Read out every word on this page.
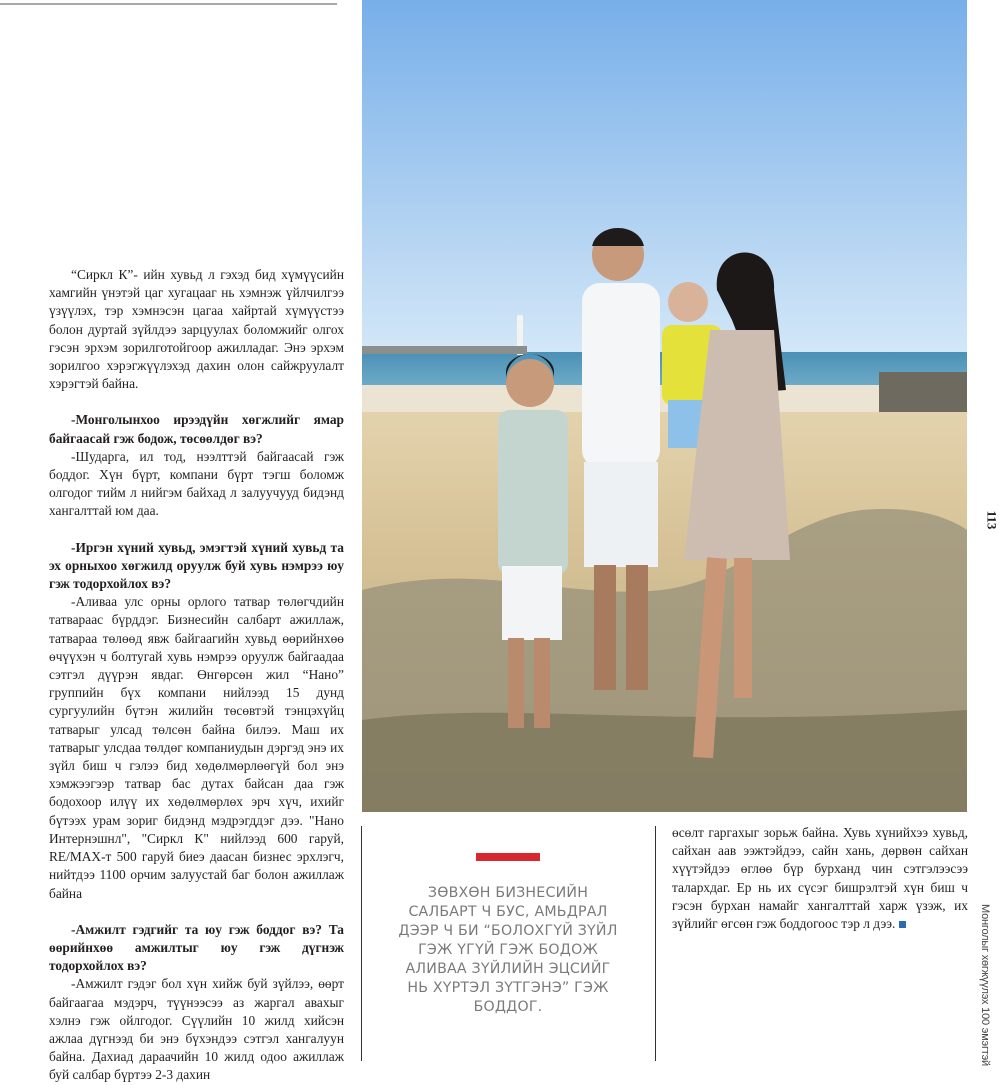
“Сиркл К”- ийн хувьд л гэхэд бид хүмүүсийн хамгийн үнэтэй цаг хугацааг нь хэмнэж үйлчилгээ үзүүлэх, тэр хэмнэсэн цагаа хайртай хүмүүстээ болон дуртай зүйлдээ зарцуулах боломжийг олгох гэсэн эрхэм зорилготойгоор ажилладаг. Энэ эрхэм зорилгоо хэрэгжүүлэхэд дахин олон сайжруулалт хэрэгтэй байна.

-Монголынхоо ирээдүйн хөгжлийг ямар байгаасай гэж бодож, төсөөлдөг вэ?

-Шударга, ил тод, нээлттэй байгаасай гэж боддог. Хүн бүрт, компани бүрт тэгш боломж олгодог тийм л нийгэм байхад л залуучууд бидэнд хангалттай юм даа.

-Иргэн хүний хувьд, эмэгтэй хүний хувьд та эх орныхоо хөгжилд оруулж буй хувь нэмрээ юу гэж тодорхойлох вэ?

-Аливаа улс орны орлого татвар төлөгчдийн татвараас бүрддэг. Бизнесийн салбарт ажиллаж, татвараа төлөөд явж байгаагийн хувьд өөрийнхөө өчүүхэн ч болтугай хувь нэмрээ оруулж байгаадаа сэтгэл дүүрэн явдаг. Өнгөрсөн жил “Нано” группийн бүх компани нийлээд 15 дунд сургуулийн бүтэн жилийн төсөвтэй тэнцэхүйц татварыг улсад төлсөн байна билээ. Маш их татварыг улсдаа төлдөг компаниудын дэргэд энэ их зүйл биш ч гэлээ бид хөдөлмөрлөөгүй бол энэ хэмжээгээр татвар бас дутах байсан даа гэж бодохоор илүү их хөдөлмөрлөх эрч хүч, ихийг бүтээх урам зориг бидэнд мэдрэгддэг дээ. "Нано Интернэшнл", "Сиркл К" нийлээд 600 гаруй, RE/MAX-т 500 гаруй биеэ даасан бизнес эрхлэгч, нийтдээ 1100 орчим залуустай баг болон ажиллаж байна

-Амжилт гэдгийг та юу гэж боддог вэ? Та өөрийнхөө амжилтыг юу гэж дүгнэж тодорхойлох вэ?

-Амжилт гэдэг бол хүн хийж буй зүйлээ, өөрт байгаагаа мэдэрч, түүнээсээ аз жаргал авахыг хэлнэ гэж ойлгодог. Сүүлийн 10 жилд хийсэн ажлаа дүгнээд би энэ бүхэндээ сэтгэл хангалуун байна. Дахиад дараачийн 10 жилд одоо ажиллаж буй салбар бүртээ 2-3 дахин

ЗӨВХӨН БИЗНЕСИЙН САЛБАРТ Ч БУС, АМЬДРАЛ ДЭЭР Ч БИ “БОЛОХГҮЙ ЗҮЙЛ ГЭЖ ҮГҮЙ ГЭЖ БОДОЖ АЛИВАА ЗҮЙЛИЙН ЭЦСИЙГ НЬ ХҮРТЭЛ ЗҮТГЭНЭ” ГЭЖ БОДДОГ.

өсөлт гаргахыг зорьж байна. Хувь хүнийхээ хувьд, сайхан аав ээжтэйдээ, сайн хань, дөрвөн сайхан хүүтэйдээ өглөө бүр бурханд чин сэтгэлээсээ талархдаг. Ер нь их сүсэг бишрэлтэй хүн биш ч гэсэн бурхан намайг хангалттай харж үзэж, их зүйлийг өгсөн гэж боддогоос тэр л дээ.

113
Монголыг хөгжүүлэх 100 эмэгтэй
